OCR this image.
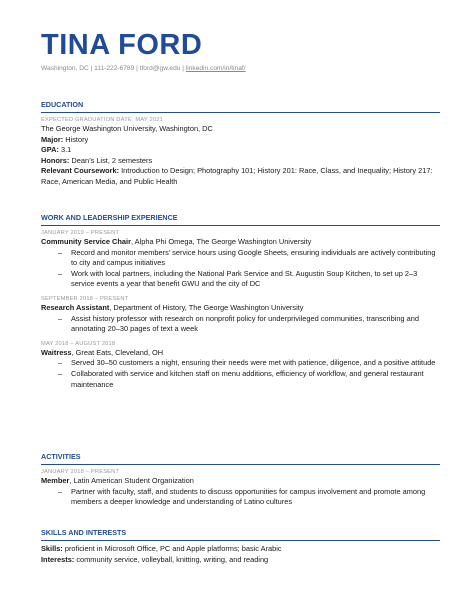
TINA FORD
Washington, DC | 111-222-6789 | tford@gw.edu | linkedin.com/in/tinaf/
EDUCATION
EXPECTED GRADUATION DATE: MAY 2021
The George Washington University, Washington, DC
Major: History
GPA: 3.1
Honors: Dean’s List, 2 semesters
Relevant Coursework: Introduction to Design; Photography 101; History 201: Race, Class, and Inequality; History 217: Race, American Media, and Public Health
WORK AND LEADERSHIP EXPERIENCE
JANUARY 2019 – PRESENT
Community Service Chair, Alpha Phi Omega, The George Washington University
– Record and monitor members’ service hours using Google Sheets, ensuring individuals are actively contributing to city and campus initiatives
– Work with local partners, including the National Park Service and St. Augustin Soup Kitchen, to set up 2–3 service events a year that benefit GWU and the city of DC
SEPTEMBER 2018 – PRESENT
Research Assistant, Department of History, The George Washington University
– Assist history professor with research on nonprofit policy for underprivileged communities, transcribing and annotating 20–30 pages of text a week
MAY 2018 – AUGUST 2018
Waitress, Great Eats, Cleveland, OH
– Served 30–50 customers a night, ensuring their needs were met with patience, diligence, and a positive attitude
– Collaborated with service and kitchen staff on menu additions, efficiency of workflow, and general restaurant maintenance
ACTIVITIES
JANUARY 2018 – PRESENT
Member, Latin American Student Organization
– Partner with faculty, staff, and students to discuss opportunities for campus involvement and promote among members a deeper knowledge and understanding of Latino cultures
SKILLS AND INTERESTS
Skills: proficient in Microsoft Office, PC and Apple platforms; basic Arabic
Interests: community service, volleyball, knitting, writing, and reading
